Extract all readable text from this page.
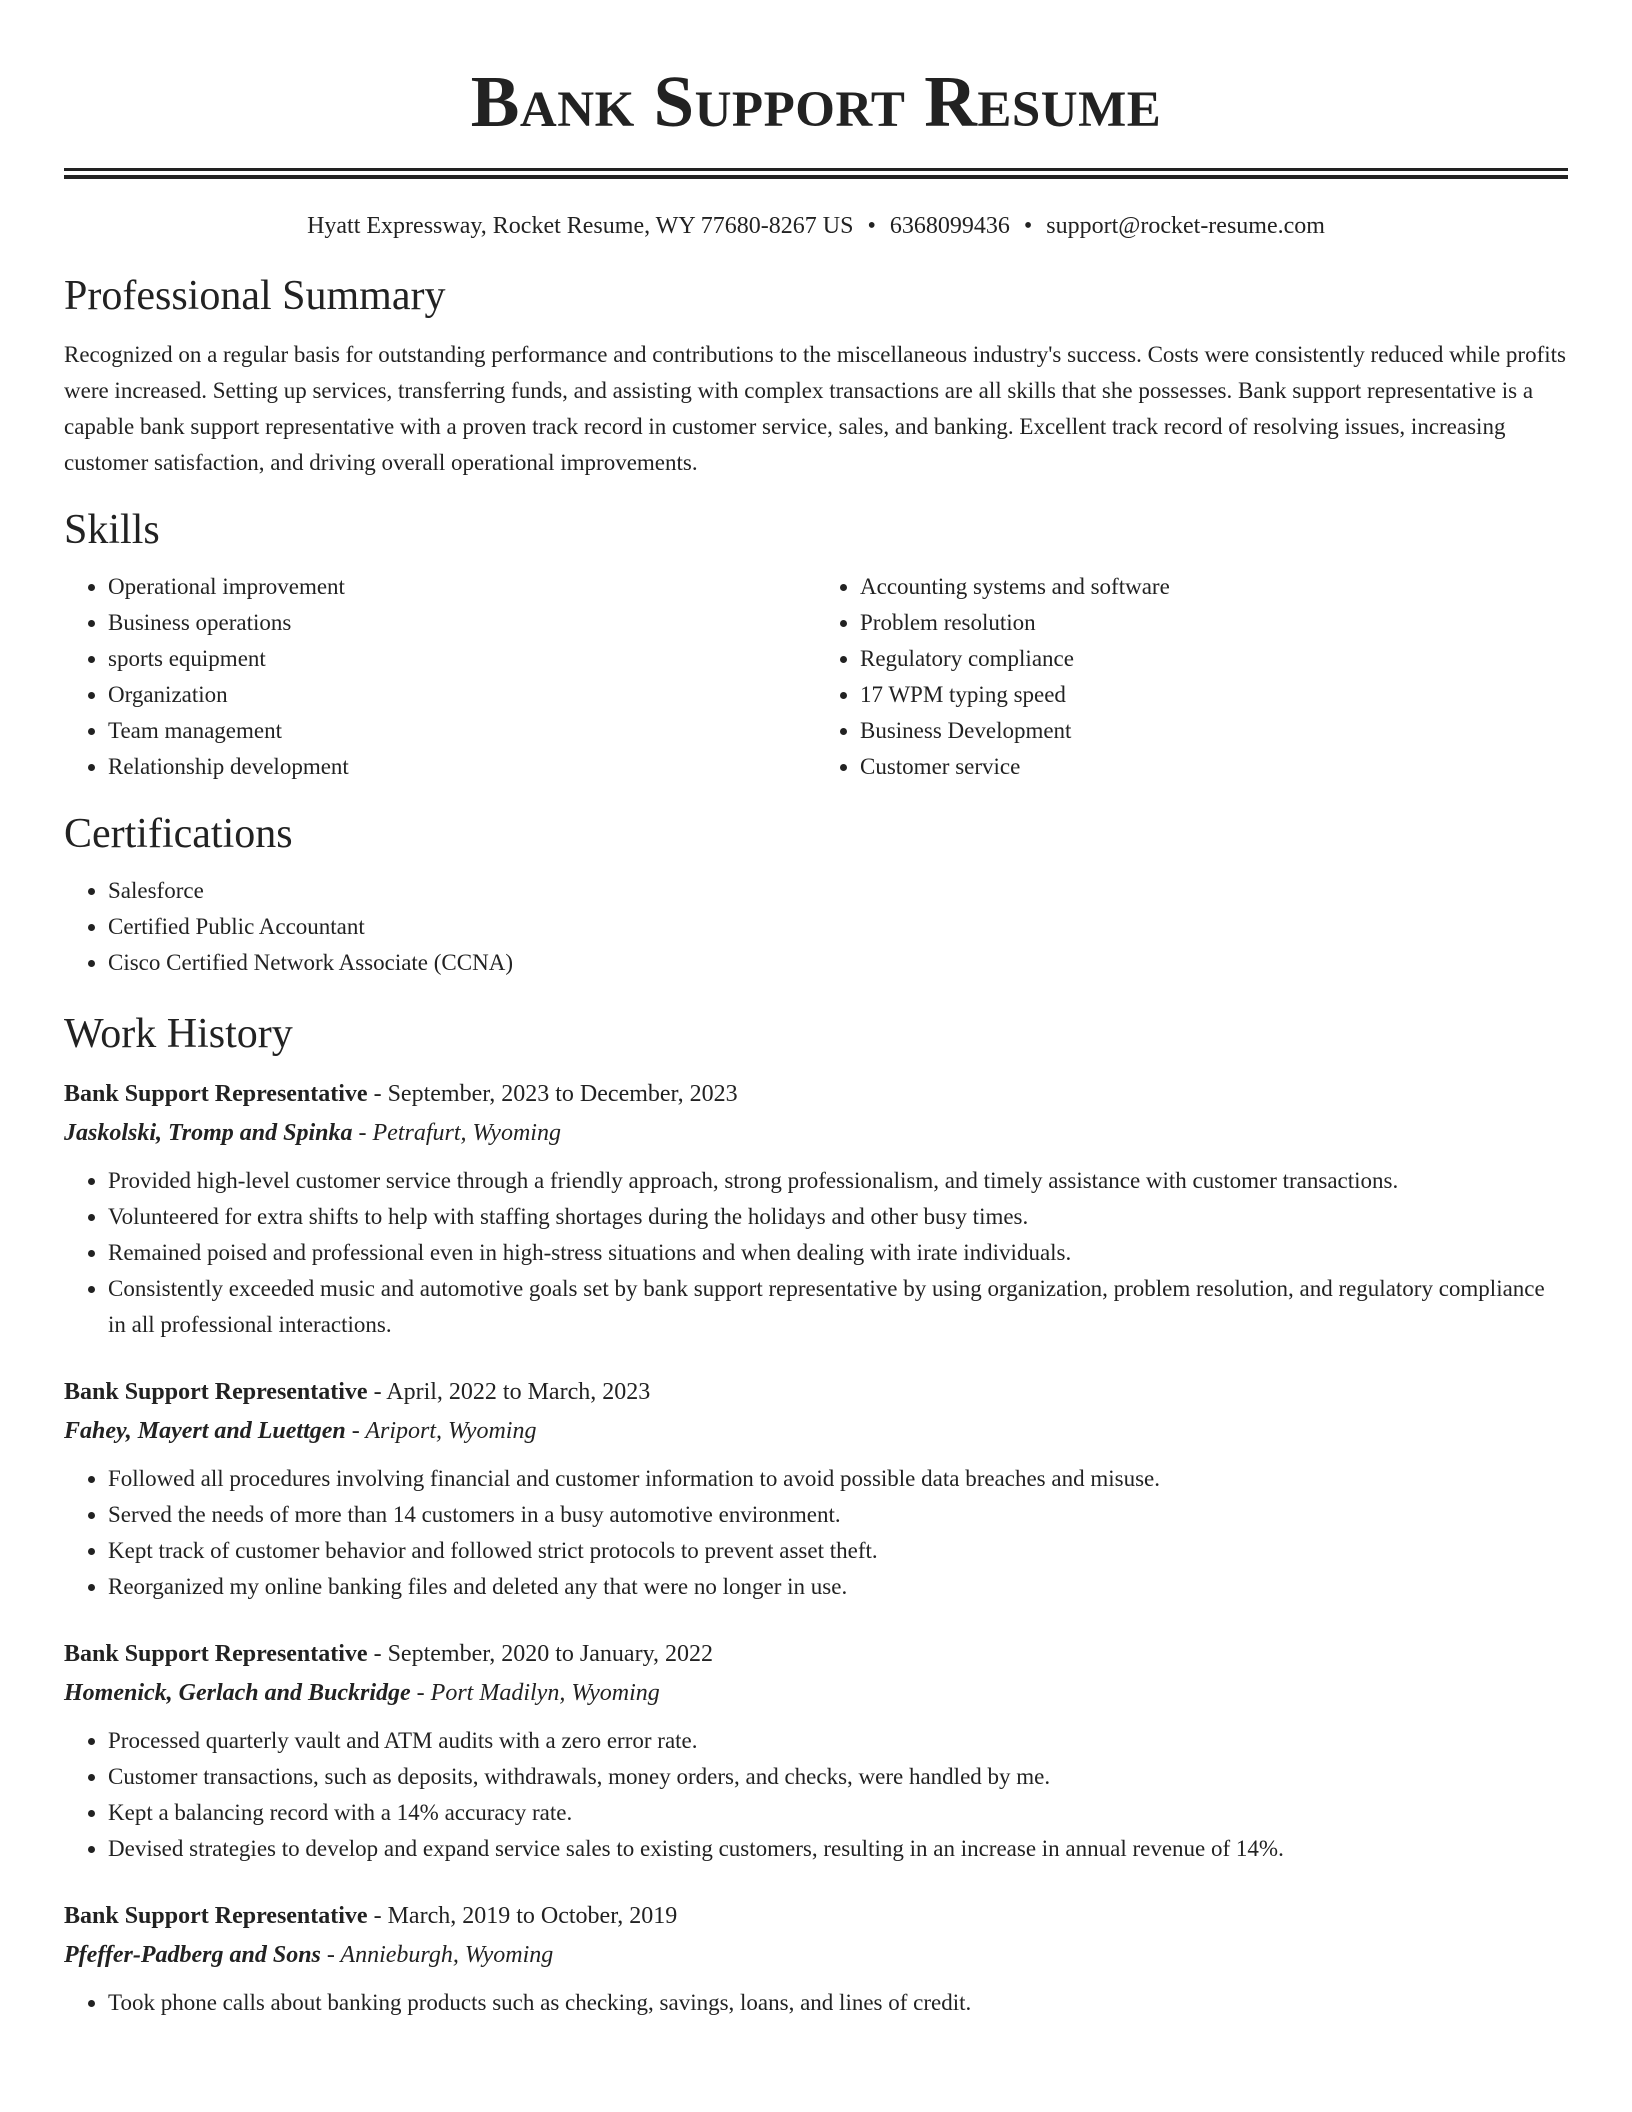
Bank Support Resume
Hyatt Expressway, Rocket Resume, WY 77680-8267 US • 6368099436 • support@rocket-resume.com
Professional Summary

Recognized on a regular basis for outstanding performance and contributions to the miscellaneous industry's success. Costs were consistently reduced while profits were increased. Setting up services, transferring funds, and assisting with complex transactions are all skills that she possesses. Bank support representative is a capable bank support representative with a proven track record in customer service, sales, and banking. Excellent track record of resolving issues, increasing customer satisfaction, and driving overall operational improvements.

Skills
• Operational improvement
• Business operations
• sports equipment
• Organization
• Team management
• Relationship development
• Accounting systems and software
• Problem resolution
• Regulatory compliance
• 17 WPM typing speed
• Business Development
• Customer service
Certifications
• Salesforce
• Certified Public Accountant
• Cisco Certified Network Associate (CCNA)
Work History
Bank Support Representative - September, 2023 to December, 2023
Jaskolski, Tromp and Spinka - Petrafurt, Wyoming
• Provided high-level customer service through a friendly approach, strong professionalism, and timely assistance with customer transactions.
• Volunteered for extra shifts to help with staffing shortages during the holidays and other busy times.
• Remained poised and professional even in high-stress situations and when dealing with irate individuals.
• Consistently exceeded music and automotive goals set by bank support representative by using organization, problem resolution, and regulatory compliance in all professional interactions.
Bank Support Representative - April, 2022 to March, 2023
Fahey, Mayert and Luettgen - Ariport, Wyoming
• Followed all procedures involving financial and customer information to avoid possible data breaches and misuse.
• Served the needs of more than 14 customers in a busy automotive environment.
• Kept track of customer behavior and followed strict protocols to prevent asset theft.
• Reorganized my online banking files and deleted any that were no longer in use.
Bank Support Representative - September, 2020 to January, 2022
Homenick, Gerlach and Buckridge - Port Madilyn, Wyoming
• Processed quarterly vault and ATM audits with a zero error rate.
• Customer transactions, such as deposits, withdrawals, money orders, and checks, were handled by me.
• Kept a balancing record with a 14% accuracy rate.
• Devised strategies to develop and expand service sales to existing customers, resulting in an increase in annual revenue of 14%.
Bank Support Representative - March, 2019 to October, 2019
Pfeffer-Padberg and Sons - Annieburgh, Wyoming
• Took phone calls about banking products such as checking, savings, loans, and lines of credit.
